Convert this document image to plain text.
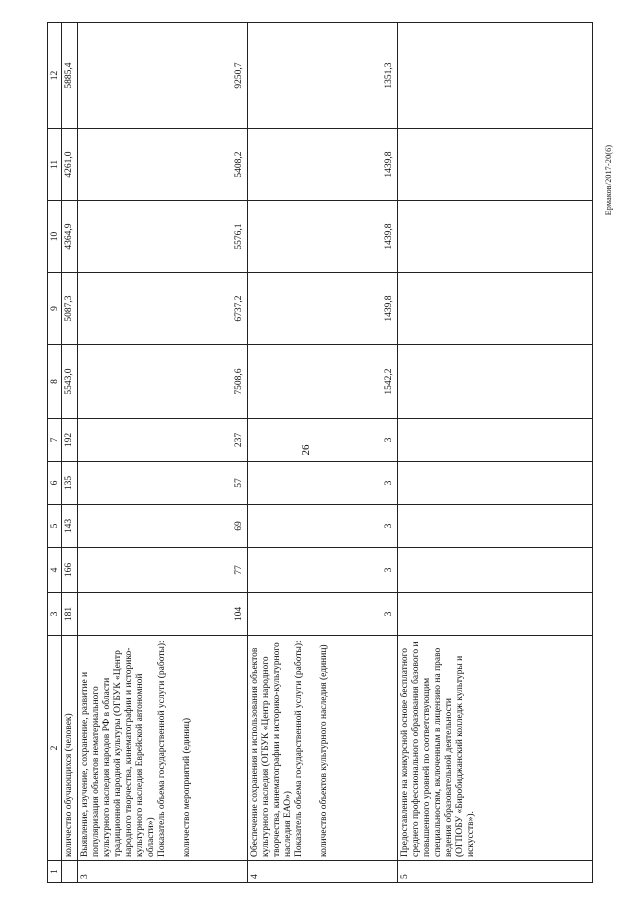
26
Ермаков/2017-20(6)
1	2	3	4	5	6	7	8	9	10	11	12

	количество обучающихся (человек)	181	166	143	135	192	5543,0	5087,3	4364,9	4261,0	5885,4
3	Выявление, изучение, сохранение, развитие и популяризация объектов нематериального культурного наследия народов РФ в области традиционной народной культуры (ОГБУК «Центр народного творчества, кинематографии и историко-культурного наследия Еврейской автономной области») Показатель объема государственной услуги (работы): количество мероприятий (единиц)	104	77	69	57	237	7508,6	6737,2	5576,1	5408,2	9250,7
4	Обеспечение сохранения и использования объектов культурного наследия (ОГБУК «Центр народного творчества, кинематографии и историко-культурного наследия ЕАО») Показатель объема государственной услуги (работы): количество объектов культурного наследия (единиц)	3	3	3	3	3	1542,2	1439,8	1439,8	1439,8	1351,3
5	Предоставление на конкурсной основе бесплатного среднего профессионального образования базового и повышенного уровней по соответствующим специальностям, включенным в лицензию на право ведения образовательной деятельности (ОГПОБУ «Биробиджанский колледж культуры и искусств»).										
